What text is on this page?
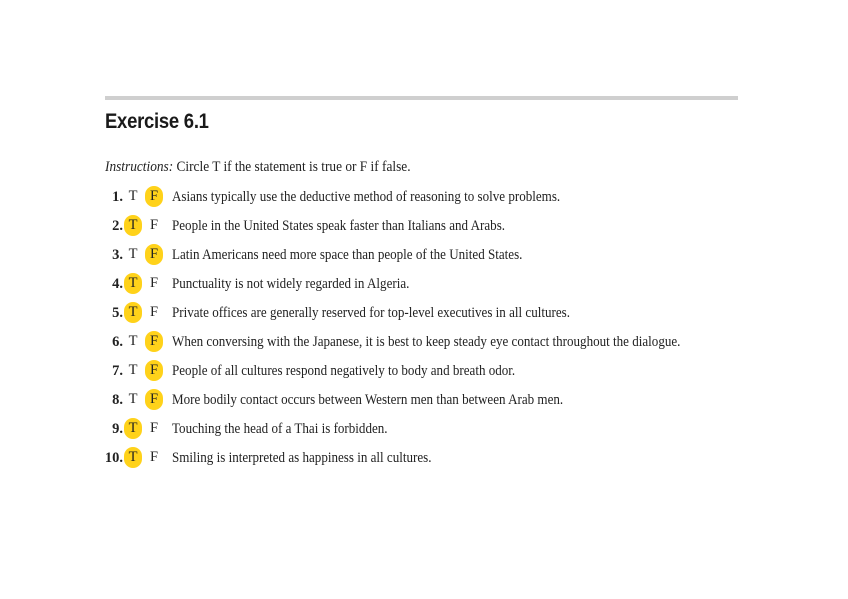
Exercise 6.1
Instructions: Circle T if the statement is true or F if false.
1. T F Asians typically use the deductive method of reasoning to solve problems.
2. T F People in the United States speak faster than Italians and Arabs.
3. T F Latin Americans need more space than people of the United States.
4. T F Punctuality is not widely regarded in Algeria.
5. T F Private offices are generally reserved for top-level executives in all cultures.
6. T F When conversing with the Japanese, it is best to keep steady eye contact throughout the dialogue.
7. T F People of all cultures respond negatively to body and breath odor.
8. T F More bodily contact occurs between Western men than between Arab men.
9. T F Touching the head of a Thai is forbidden.
10. T F Smiling is interpreted as happiness in all cultures.
